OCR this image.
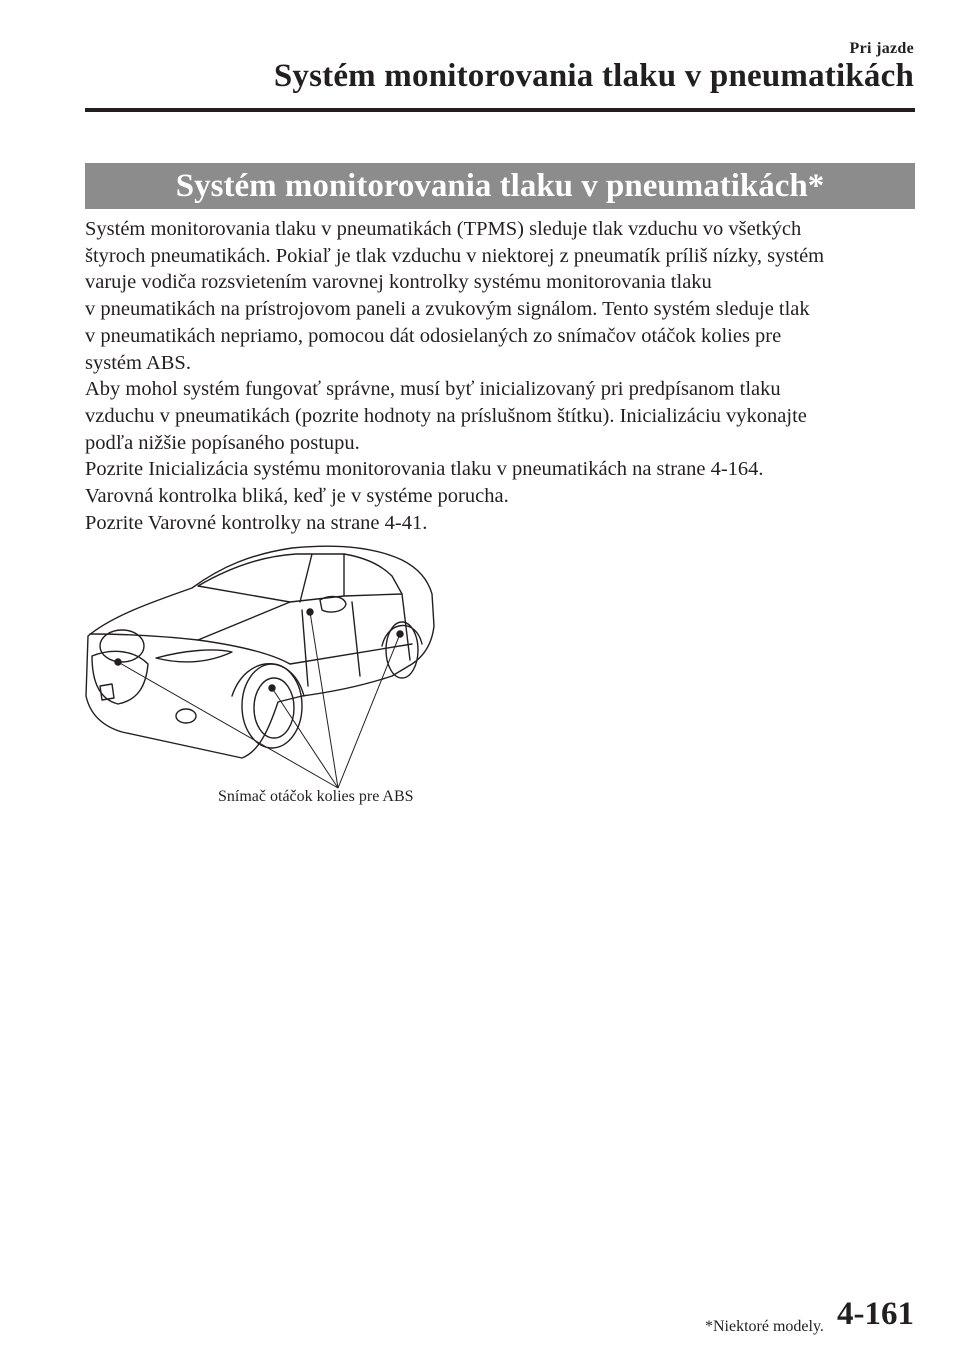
Pri jazde
Systém monitorovania tlaku v pneumatikách
Systém monitorovania tlaku v pneumatikách*

Systém monitorovania tlaku v pneumatikách (TPMS) sleduje tlak vzduchu vo všetkých

štyroch pneumatikách. Pokiaľ je tlak vzduchu v niektorej z pneumatík príliš nízky, systém

varuje vodiča rozsvietením varovnej kontrolky systému monitorovania tlaku

v pneumatikách na prístrojovom paneli a zvukovým signálom. Tento systém sleduje tlak

v pneumatikách nepriamo, pomocou dát odosielaných zo snímačov otáčok kolies pre

systém ABS.

Aby mohol systém fungovať správne, musí byť inicializovaný pri predpísanom tlaku

vzduchu v pneumatikách (pozrite hodnoty na príslušnom štítku). Inicializáciu vykonajte

podľa nižšie popísaného postupu.

Pozrite Inicializácia systému monitorovania tlaku v pneumatikách na strane 4-164.

Varovná kontrolka bliká, keď je v systéme porucha.

Pozrite Varovné kontrolky na strane 4-41.

Snímač otáčok kolies pre ABS
*Niektoré modely. 4-161
